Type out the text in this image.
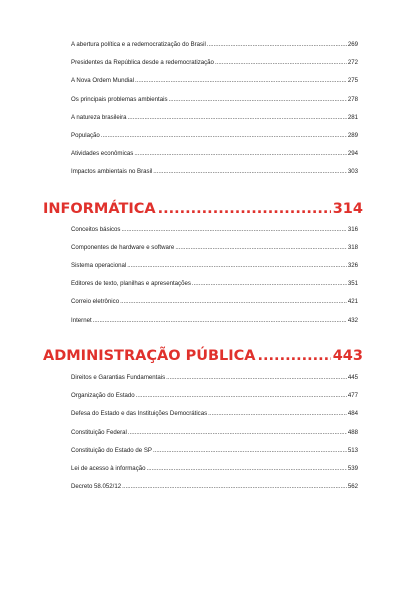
A abertura política e a redemocratização do Brasil .....	269
Presidentes da República desde a redemocratização .....	272
A Nova Ordem Mundial .....	275
Os principais problemas ambientais .....	278
A natureza brasileira .....	281
População .....	289
Atividades econômicas .....	294
Impactos ambientais no Brasil .....	303
INFORMÁTICA .....	314
Conceitos básicos .....	316
Componentes de hardware e software .....	318
Sistema operacional .....	326
Editores de texto, planilhas e apresentações .....	351
Correio eletrônico .....	421
Internet .....	432
ADMINISTRAÇÃO PÚBLICA .....	443
Direitos e Garantias Fundamentais .....	445
Organização do Estado .....	477
Defesa do Estado e das Instituições Democráticas .....	484
Constituição Federal .....	488
Constituição do Estado de SP .....	513
Lei de acesso à informação .....	539
Decreto 58.052/12 .....	562
